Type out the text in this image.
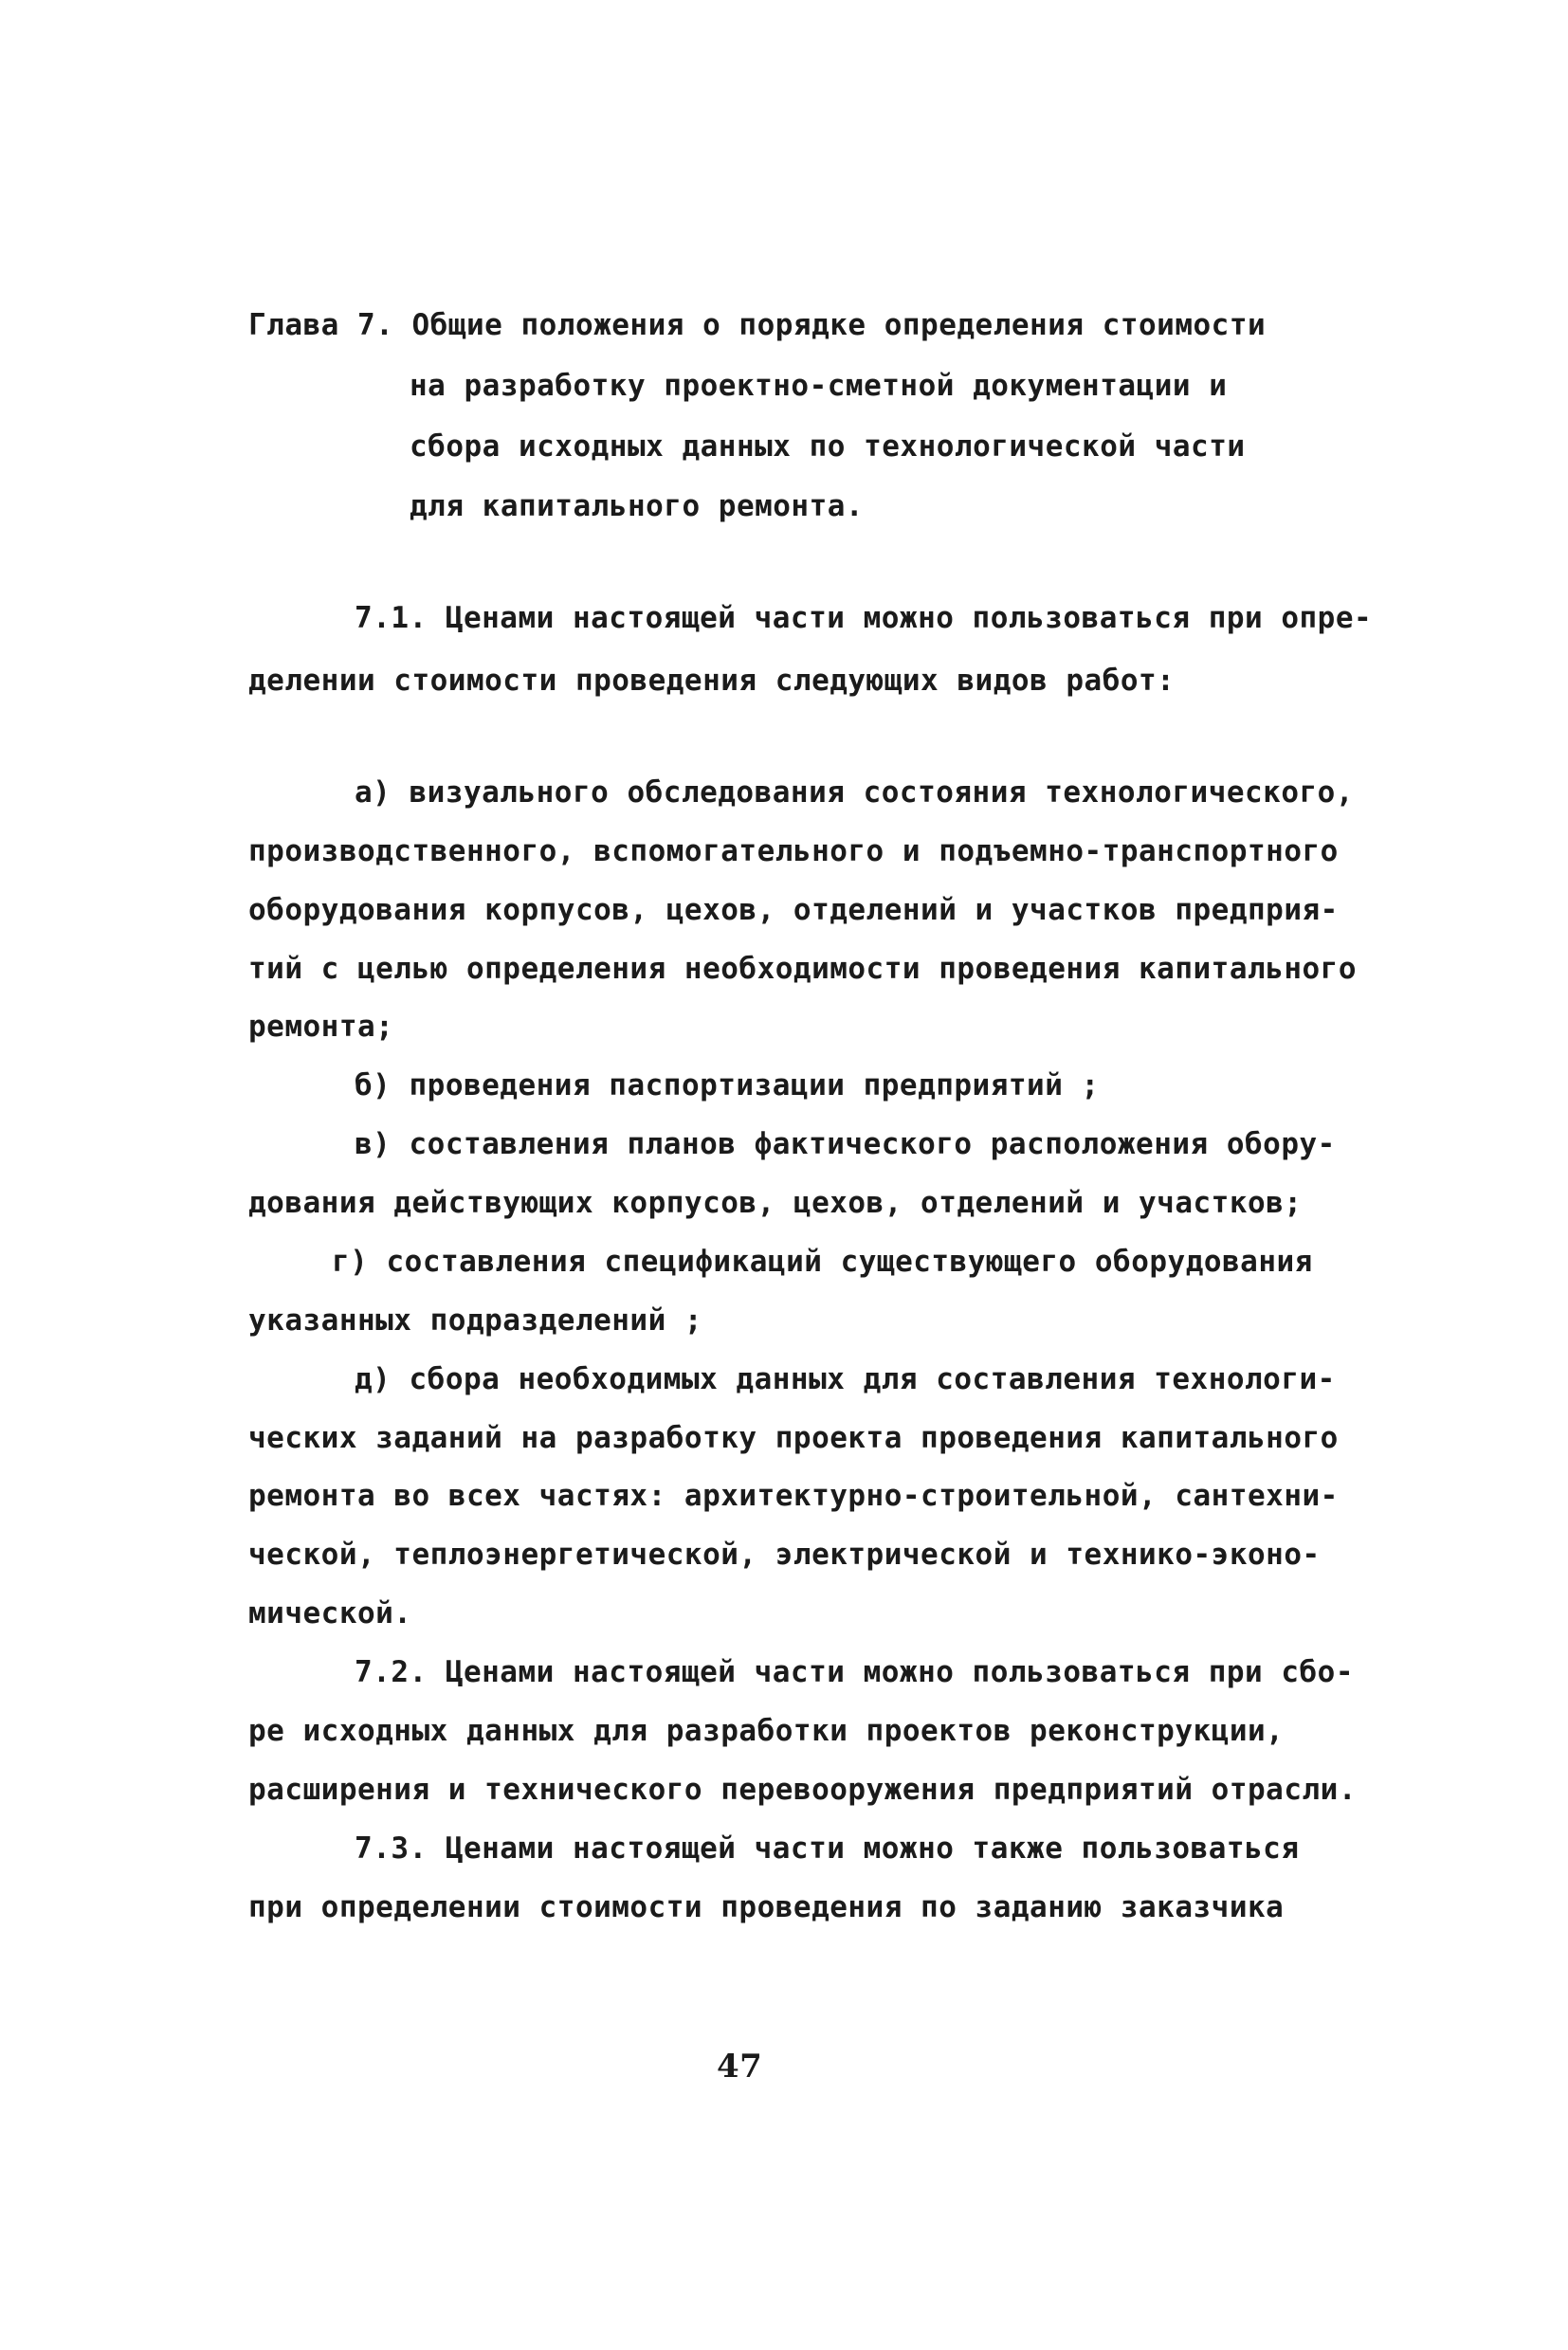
Глава 7. Общие положения о порядке определения стоимости
на разработку проектно-сметной документации и
сбора исходных данных по технологической части
для капитального ремонта.
7.1. Ценами настоящей части можно пользоваться при опре-
делении стоимости проведения следующих видов работ:
а) визуального обследования состояния технологического,
производственного, вспомогательного и подъемно-транспортного
оборудования корпусов, цехов, отделений и участков предприя-
тий с целью определения необходимости проведения капитального
ремонта;
б) проведения паспортизации предприятий ;
в) составления планов фактического расположения обору-
дования действующих корпусов, цехов, отделений и участков;
г) составления спецификаций существующего оборудования
указанных подразделений ;
д) сбора необходимых данных для составления технологи-
ческих заданий на разработку проекта проведения капитального
ремонта во всех частях: архитектурно-строительной, сантехни-
ческой, теплоэнергетической, электрической и технико-эконо-
мической.
7.2. Ценами настоящей части можно пользоваться при сбо-
ре исходных данных для разработки проектов реконструкции,
расширения и технического перевооружения предприятий отрасли.
7.3. Ценами настоящей части можно также пользоваться
при определении стоимости проведения по заданию заказчика
47
